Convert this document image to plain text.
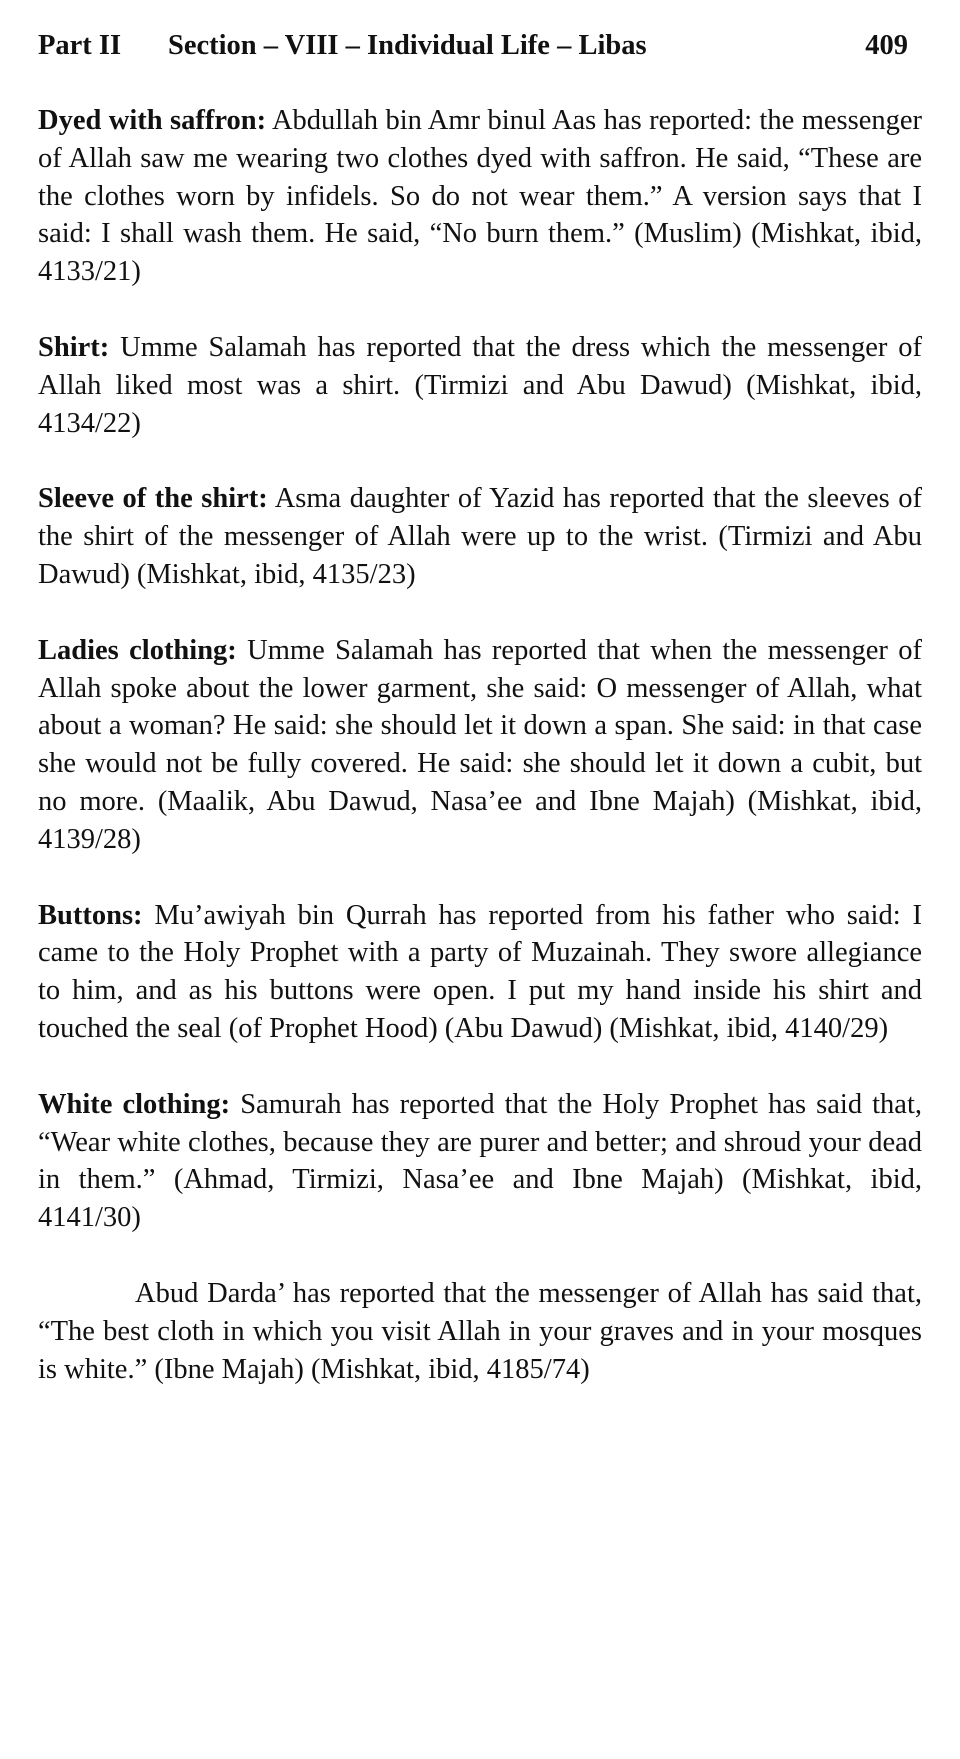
Part II Section – VIII – Individual Life – Libas	409

Dyed with saffron: Abdullah bin Amr binul Aas has reported: the messenger of Allah saw me wearing two clothes dyed with saffron. He said, “These are the clothes worn by infidels. So do not wear them.” A version says that I said: I shall wash them. He said, “No burn them.” (Muslim) (Mishkat, ibid, 4133/21)

Shirt: Umme Salamah has reported that the dress which the messenger of Allah liked most was a shirt. (Tirmizi and Abu Dawud) (Mishkat, ibid, 4134/22)

Sleeve of the shirt: Asma daughter of Yazid has reported that the sleeves of the shirt of the messenger of Allah were up to the wrist. (Tirmizi and Abu Dawud) (Mishkat, ibid, 4135/23)

Ladies clothing: Umme Salamah has reported that when the messenger of Allah spoke about the lower garment, she said: O messenger of Allah, what about a woman? He said: she should let it down a span. She said: in that case she would not be fully covered. He said: she should let it down a cubit, but no more. (Maalik, Abu Dawud, Nasa’ee and Ibne Majah) (Mishkat, ibid, 4139/28)

Buttons: Mu’awiyah bin Qurrah has reported from his father who said: I came to the Holy Prophet with a party of Muzainah. They swore allegiance to him, and as his buttons were open. I put my hand inside his shirt and touched the seal (of Prophet Hood) (Abu Dawud) (Mishkat, ibid, 4140/29)

White clothing: Samurah has reported that the Holy Prophet has said that, “Wear white clothes, because they are purer and better; and shroud your dead in them.” (Ahmad, Tirmizi, Nasa’ee and Ibne Majah) (Mishkat, ibid, 4141/30)

Abud Darda’ has reported that the messenger of Allah has said that, “The best cloth in which you visit Allah in your graves and in your mosques is white.” (Ibne Majah) (Mishkat, ibid, 4185/74)
